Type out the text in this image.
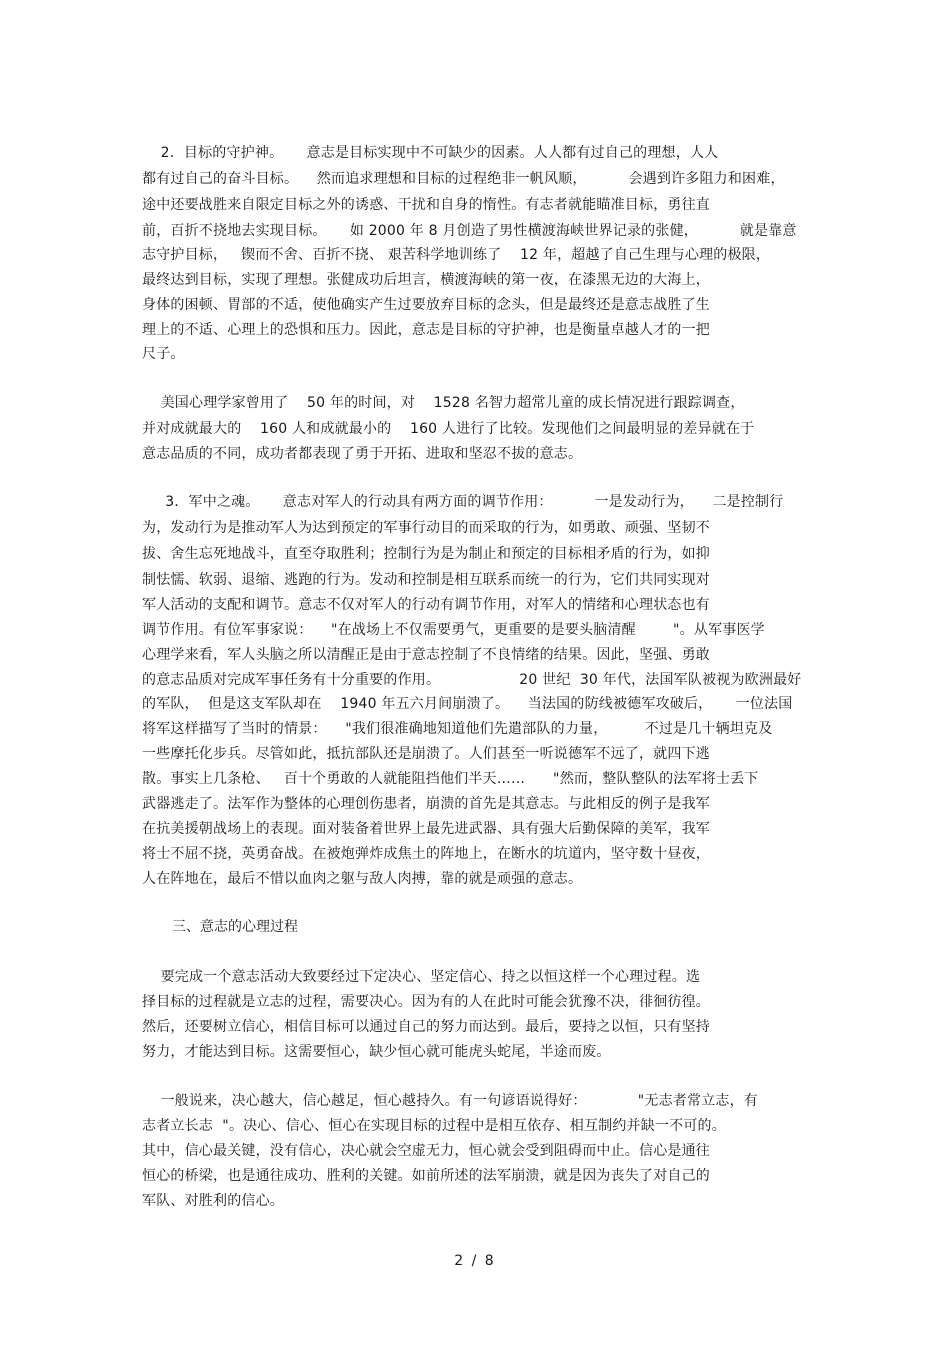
2．目标的守护神。     意志是目标实现中不可缺少的因素。人人都有过自己的理想，人人
都有过自己的奋斗目标。    然而追求理想和目标的过程绝非一帆风顺，         会遇到许多阻力和困难，
途中还要战胜来自限定目标之外的诱惑、干扰和自身的惰性。有志者就能瞄准目标，勇往直
前，百折不挠地去实现目标。     如 2000 年 8 月创造了男性横渡海峡世界记录的张健，         就是靠意
志守护目标，   锲而不舍、百折不挠、 艰苦科学地训练了    12 年，超越了自己生理与心理的极限，
最终达到目标，实现了理想。张健成功后坦言，横渡海峡的第一夜，在漆黑无边的大海上，
身体的困顿、胃部的不适，使他确实产生过要放弃目标的念头，但是最终还是意志战胜了生
理上的不适、心理上的恐惧和压力。因此，意志是目标的守护神，也是衡量卓越人才的一把
尺子。
美国心理学家曾用了    50 年的时间，对    1528 名智力超常儿童的成长情况进行跟踪调查，
并对成就最大的    160 人和成就最小的    160 人进行了比较。发现他们之间最明显的差异就在于
意志品质的不同，成功者都表现了勇于开拓、进取和坚忍不拔的意志。
3．军中之魂。     意志对军人的行动具有两方面的调节作用：         一是发动行为，    二是控制行
为，发动行为是推动军人为达到预定的军事行动目的而采取的行为，如勇敢、顽强、坚韧不
拔、舍生忘死地战斗，直至夺取胜利；控制行为是为制止和预定的目标相矛盾的行为，如抑
制怯懦、软弱、退缩、逃跑的行为。发动和控制是相互联系而统一的行为，它们共同实现对
军人活动的支配和调节。意志不仅对军人的行动有调节作用，对军人的情绪和心理状态也有
调节作用。有位军事家说：    "在战场上不仅需要勇气，更重要的是要头脑清醒        "。从军事医学
心理学来看，军人头脑之所以清醒正是由于意志控制了不良情绪的结果。因此，坚强、勇敢
的意志品质对完成军事任务有十分重要的作用。                 20 世纪  30 年代，法国军队被视为欧洲最好
的军队，  但是这支军队却在    1940 年五六月间崩溃了。    当法国的防线被德军攻破后，     一位法国
将军这样描写了当时的情景：    "我们很准确地知道他们先遣部队的力量，        不过是几十辆坦克及
一些摩托化步兵。尽管如此，抵抗部队还是崩溃了。人们甚至一听说德军不远了，就四下逃
散。事实上几条枪、   百十个勇敢的人就能阻挡他们半天……      "然而，整队整队的法军将士丢下
武器逃走了。法军作为整体的心理创伤患者，崩溃的首先是其意志。与此相反的例子是我军
在抗美援朝战场上的表现。面对装备着世界上最先进武器、具有强大后勤保障的美军，我军
将士不屈不挠，英勇奋战。在被炮弹炸成焦土的阵地上，在断水的坑道内，坚守数十昼夜，
人在阵地在，最后不惜以血肉之躯与敌人肉搏，靠的就是顽强的意志。
三、意志的心理过程
要完成一个意志活动大致要经过下定决心、坚定信心、持之以恒这样一个心理过程。选
择目标的过程就是立志的过程，需要决心。因为有的人在此时可能会犹豫不决，徘徊彷徨。
然后，还要树立信心，相信目标可以通过自己的努力而达到。最后，要持之以恒，只有坚持
努力，才能达到目标。这需要恒心，缺少恒心就可能虎头蛇尾，半途而废。
一般说来，决心越大，信心越足，恒心越持久。有一句谚语说得好：           "无志者常立志，有
志者立长志  "。决心、信心、恒心在实现目标的过程中是相互依存、相互制约并缺一不可的。
其中，信心最关键，没有信心，决心就会空虚无力，恒心就会受到阻碍而中止。信心是通往
恒心的桥梁，也是通往成功、胜利的关键。如前所述的法军崩溃，就是因为丧失了对自己的
军队、对胜利的信心。
2 / 8
